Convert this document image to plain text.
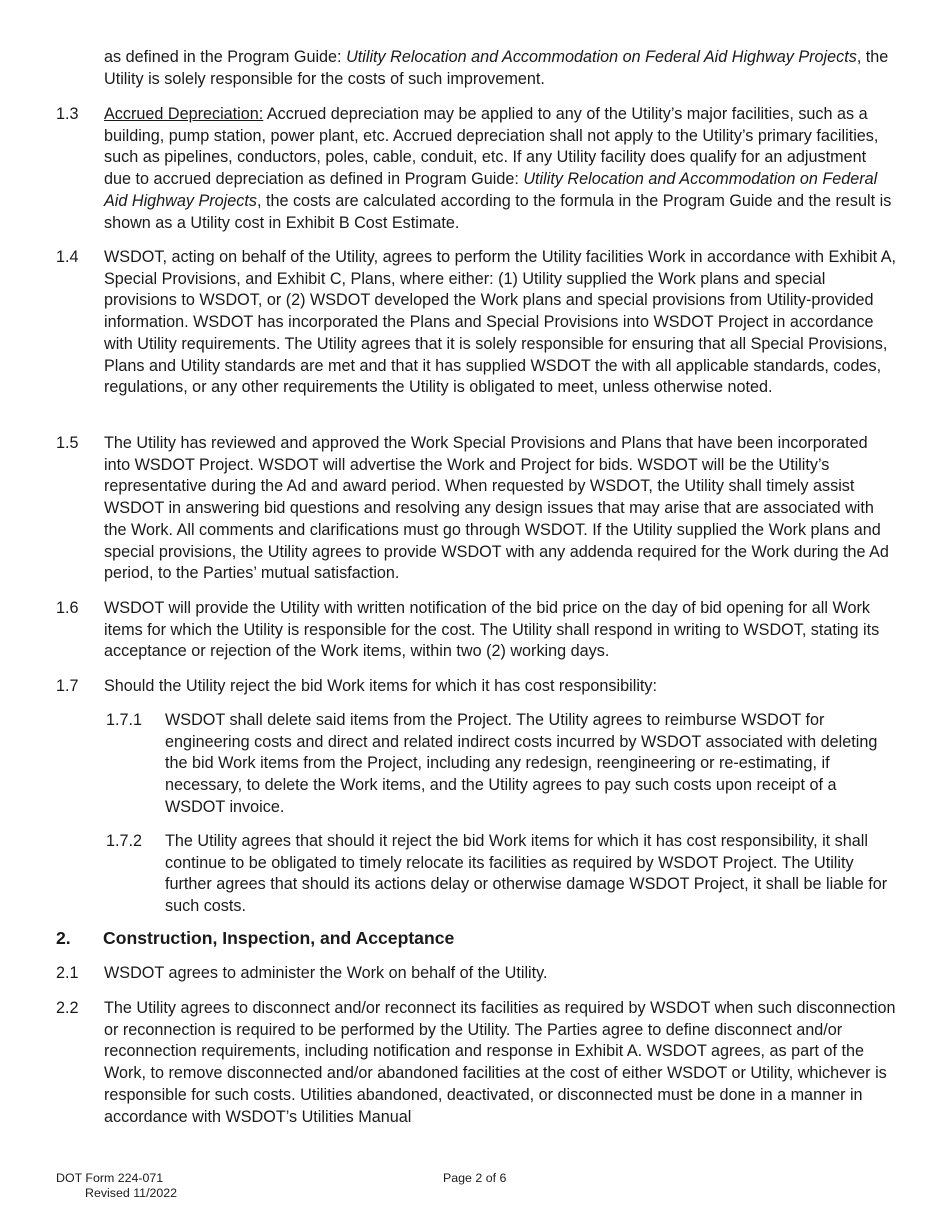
as defined in the Program Guide: Utility Relocation and Accommodation on Federal Aid Highway Projects, the Utility is solely responsible for the costs of such improvement.
1.3 Accrued Depreciation: Accrued depreciation may be applied to any of the Utility’s major facilities, such as a building, pump station, power plant, etc. Accrued depreciation shall not apply to the Utility’s primary facilities, such as pipelines, conductors, poles, cable, conduit, etc. If any Utility facility does qualify for an adjustment due to accrued depreciation as defined in Program Guide: Utility Relocation and Accommodation on Federal Aid Highway Projects, the costs are calculated according to the formula in the Program Guide and the result is shown as a Utility cost in Exhibit B Cost Estimate.
1.4 WSDOT, acting on behalf of the Utility, agrees to perform the Utility facilities Work in accordance with Exhibit A, Special Provisions, and Exhibit C, Plans, where either: (1) Utility supplied the Work plans and special provisions to WSDOT, or (2) WSDOT developed the Work plans and special provisions from Utility-provided information. WSDOT has incorporated the Plans and Special Provisions into WSDOT Project in accordance with Utility requirements. The Utility agrees that it is solely responsible for ensuring that all Special Provisions, Plans and Utility standards are met and that it has supplied WSDOT the with all applicable standards, codes, regulations, or any other requirements the Utility is obligated to meet, unless otherwise noted.
1.5 The Utility has reviewed and approved the Work Special Provisions and Plans that have been incorporated into WSDOT Project. WSDOT will advertise the Work and Project for bids. WSDOT will be the Utility’s representative during the Ad and award period. When requested by WSDOT, the Utility shall timely assist WSDOT in answering bid questions and resolving any design issues that may arise that are associated with the Work. All comments and clarifications must go through WSDOT. If the Utility supplied the Work plans and special provisions, the Utility agrees to provide WSDOT with any addenda required for the Work during the Ad period, to the Parties’ mutual satisfaction.
1.6 WSDOT will provide the Utility with written notification of the bid price on the day of bid opening for all Work items for which the Utility is responsible for the cost. The Utility shall respond in writing to WSDOT, stating its acceptance or rejection of the Work items, within two (2) working days.
1.7 Should the Utility reject the bid Work items for which it has cost responsibility:
1.7.1 WSDOT shall delete said items from the Project. The Utility agrees to reimburse WSDOT for engineering costs and direct and related indirect costs incurred by WSDOT associated with deleting the bid Work items from the Project, including any redesign, reengineering or re-estimating, if necessary, to delete the Work items, and the Utility agrees to pay such costs upon receipt of a WSDOT invoice.
1.7.2 The Utility agrees that should it reject the bid Work items for which it has cost responsibility, it shall continue to be obligated to timely relocate its facilities as required by WSDOT Project. The Utility further agrees that should its actions delay or otherwise damage WSDOT Project, it shall be liable for such costs.
2. Construction, Inspection, and Acceptance
2.1 WSDOT agrees to administer the Work on behalf of the Utility.
2.2 The Utility agrees to disconnect and/or reconnect its facilities as required by WSDOT when such disconnection or reconnection is required to be performed by the Utility. The Parties agree to define disconnect and/or reconnection requirements, including notification and response in Exhibit A. WSDOT agrees, as part of the Work, to remove disconnected and/or abandoned facilities at the cost of either WSDOT or Utility, whichever is responsible for such costs. Utilities abandoned, deactivated, or disconnected must be done in a manner in accordance with WSDOT’s Utilities Manual
DOT Form 224-071
Revised 11/2022
Page 2 of 6
